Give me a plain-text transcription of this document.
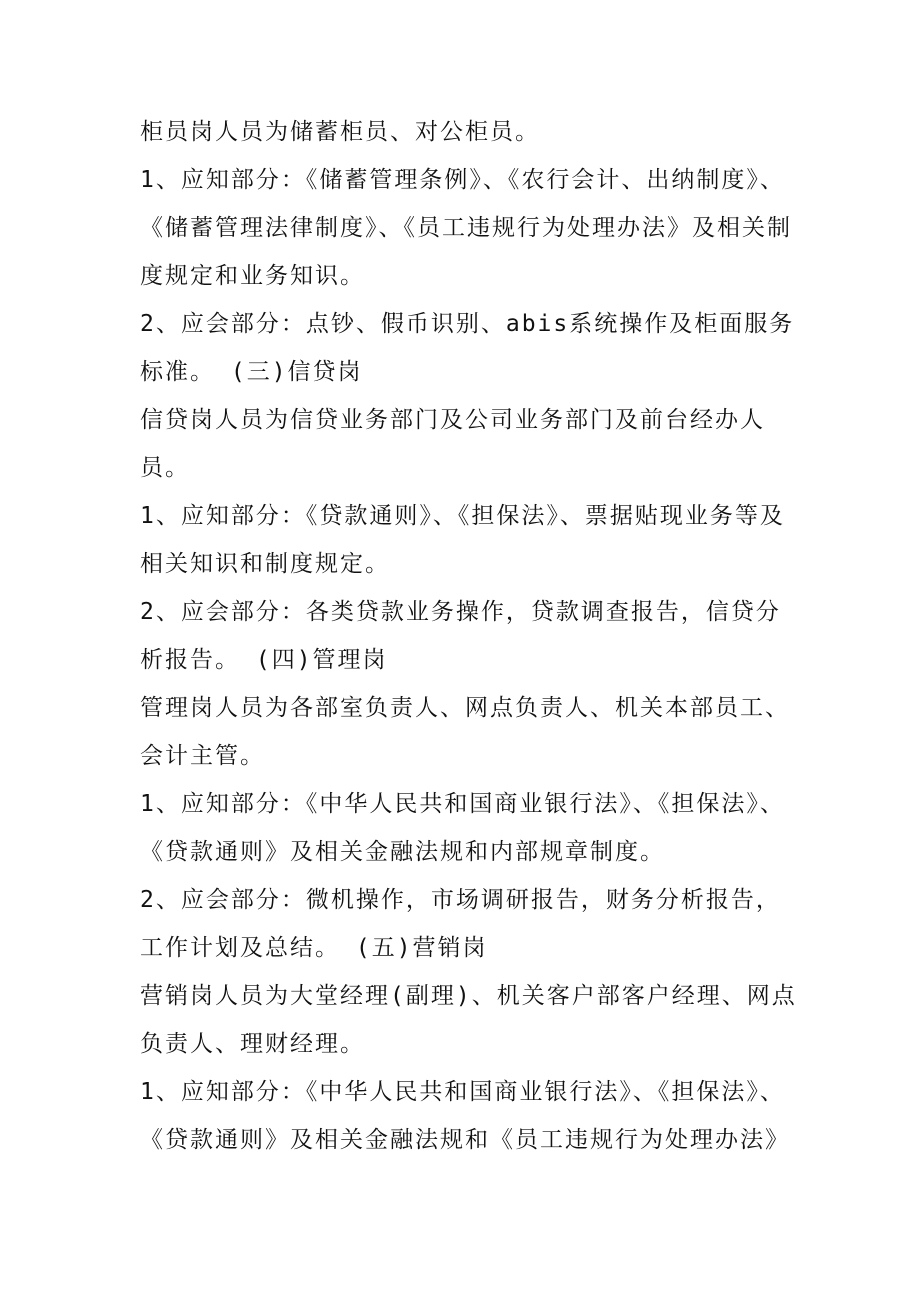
柜员岗人员为储蓄柜员、对公柜员。
1、应知部分：《储蓄管理条例》、《农行会计、出纳制度》、
《储蓄管理法律制度》、《员工违规行为处理办法》及相关制
度规定和业务知识。
2、应会部分：点钞、假币识别、abis系统操作及柜面服务
标准。 (三)信贷岗
信贷岗人员为信贷业务部门及公司业务部门及前台经办人
员。
1、应知部分：《贷款通则》、《担保法》、票据贴现业务等及
相关知识和制度规定。
2、应会部分：各类贷款业务操作，贷款调查报告，信贷分
析报告。 (四)管理岗
管理岗人员为各部室负责人、网点负责人、机关本部员工、
会计主管。
1、应知部分：《中华人民共和国商业银行法》、《担保法》、
《贷款通则》及相关金融法规和内部规章制度。
2、应会部分：微机操作，市场调研报告，财务分析报告，
工作计划及总结。 (五)营销岗
营销岗人员为大堂经理(副理)、机关客户部客户经理、网点
负责人、理财经理。
1、应知部分：《中华人民共和国商业银行法》、《担保法》、
《贷款通则》及相关金融法规和《员工违规行为处理办法》
